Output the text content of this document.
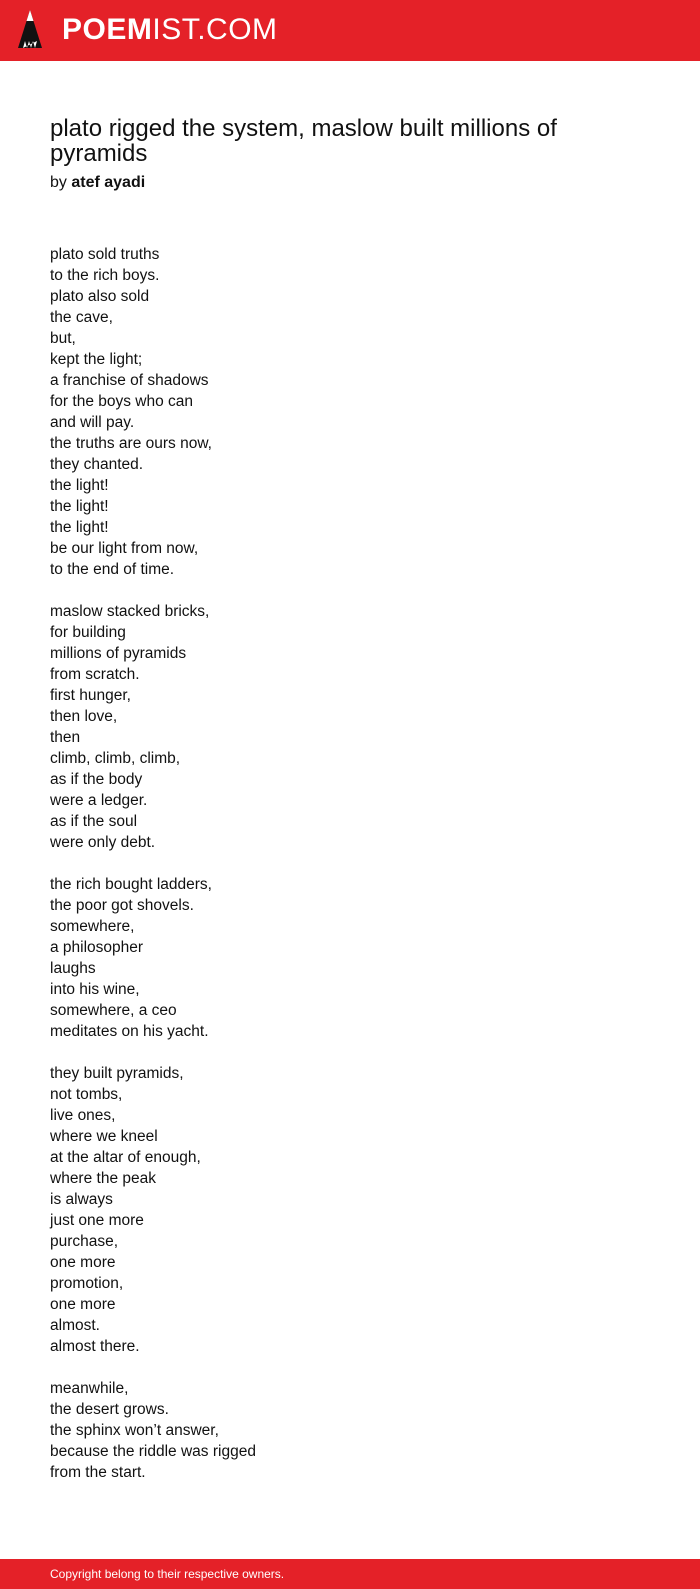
POEMIST.COM
plato rigged the system, maslow built millions of pyramids
by atef ayadi
plato sold truths
to the rich boys.
plato also sold
the cave,
but,
kept the light;
a franchise of shadows
for the boys who can
and will pay.
the truths are ours now,
they chanted.
the light!
the light!
the light!
be our light from now,
to the end of time.
maslow stacked bricks,
for building
millions of pyramids
from scratch.
first hunger,
then love,
then
climb, climb, climb,
as if the body
were a ledger.
as if the soul
were only debt.
the rich bought ladders,
the poor got shovels.
somewhere,
a philosopher
laughs
into his wine,
somewhere, a ceo
meditates on his yacht.
they built pyramids,
not tombs,
live ones,
where we kneel
at the altar of enough,
where the peak
is always
just one more
purchase,
one more
promotion,
one more
almost.
almost there.
meanwhile,
the desert grows.
the sphinx won’t answer,
because the riddle was rigged
from the start.
Copyright belong to their respective owners.
